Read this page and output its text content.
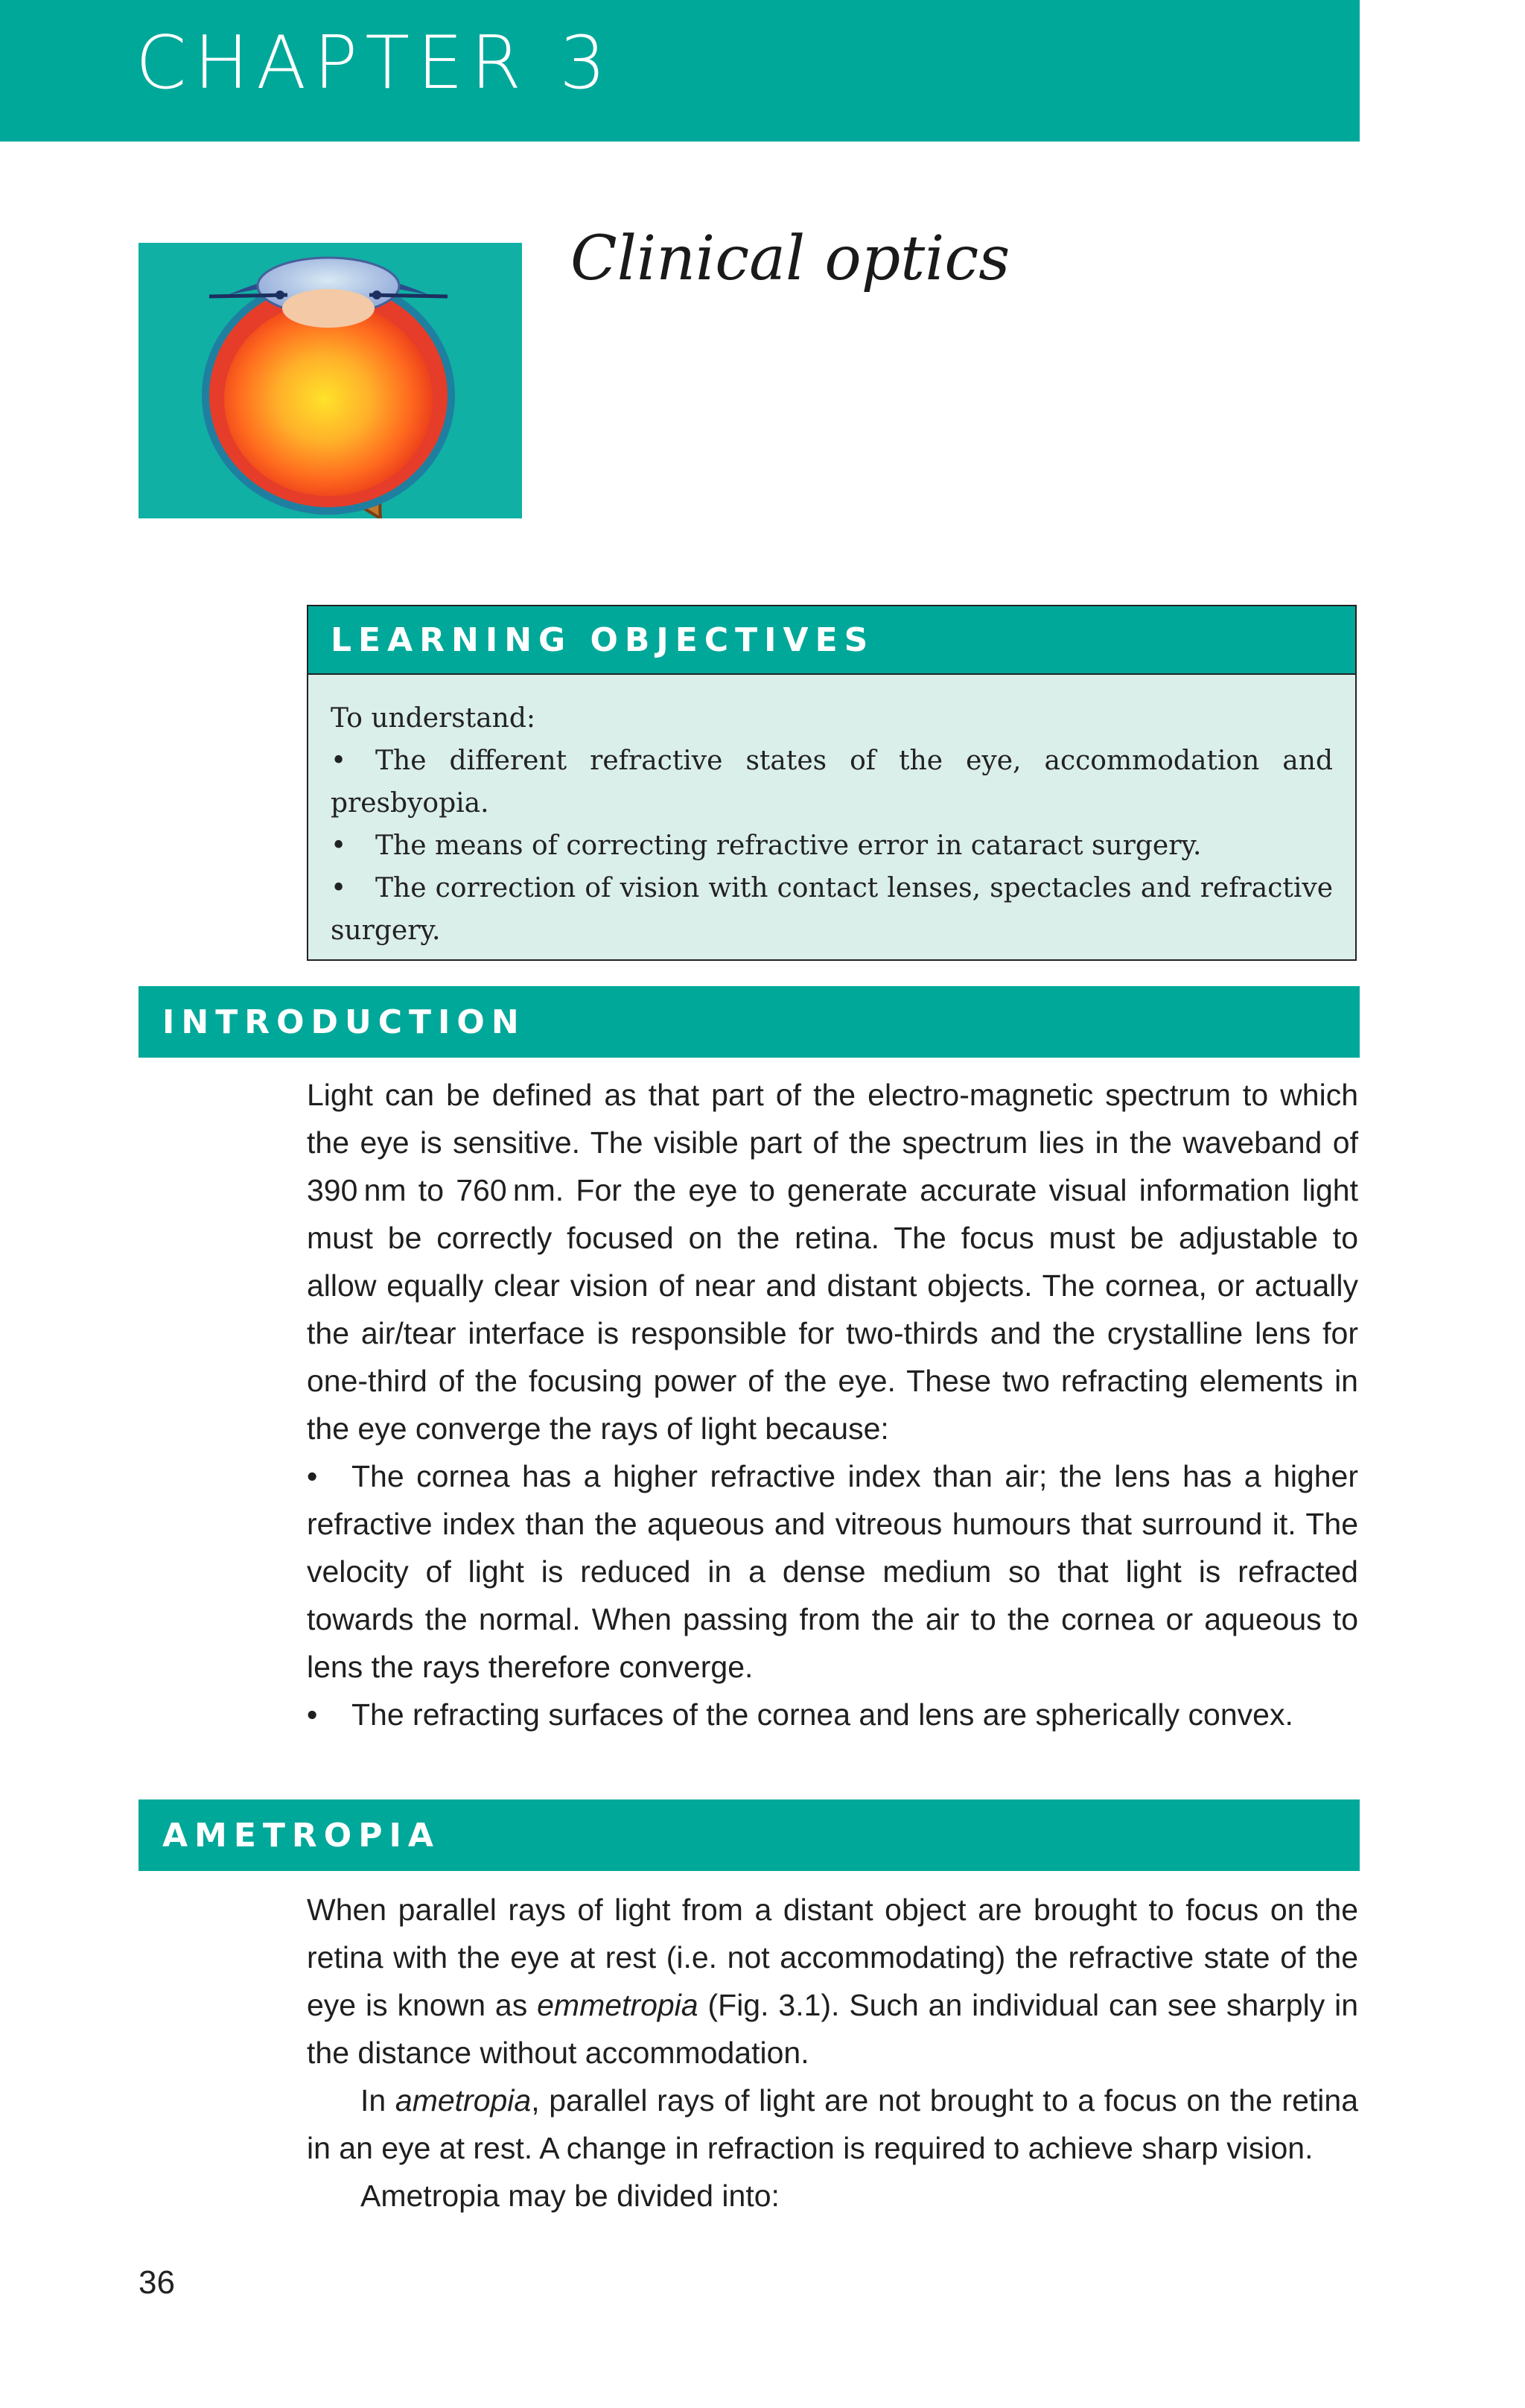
CHAPTER 3
Clinical optics
LEARNING OBJECTIVES

To understand:

• The different refractive states of the eye, accommodation and presbyopia.

• The means of correcting refractive error in cataract surgery.

• The correction of vision with contact lenses, spectacles and refractive surgery.

INTRODUCTION

Light can be defined as that part of the electro-magnetic spectrum to which the eye is sensitive. The visible part of the spectrum lies in the waveband of 390 nm to 760 nm. For the eye to generate accurate visual information light must be correctly focused on the retina. The focus must be adjustable to allow equally clear vision of near and distant objects. The cornea, or actually the air/tear interface is responsible for two-thirds and the crystalline lens for one-third of the focusing power of the eye. These two refracting elements in the eye converge the rays of light because:

• The cornea has a higher refractive index than air; the lens has a higher refractive index than the aqueous and vitreous humours that surround it. The velocity of light is reduced in a dense medium so that light is refracted towards the normal. When passing from the air to the cornea or aqueous to lens the rays therefore converge.

• The refracting surfaces of the cornea and lens are spherically convex.

AMETROPIA

When parallel rays of light from a distant object are brought to focus on the retina with the eye at rest (i.e. not accommodating) the refractive state of the eye is known as emmetropia (Fig. 3.1). Such an individual can see sharply in the distance without accommodation.

In ametropia, parallel rays of light are not brought to a focus on the retina in an eye at rest. A change in refraction is required to achieve sharp vision.

Ametropia may be divided into:

36
